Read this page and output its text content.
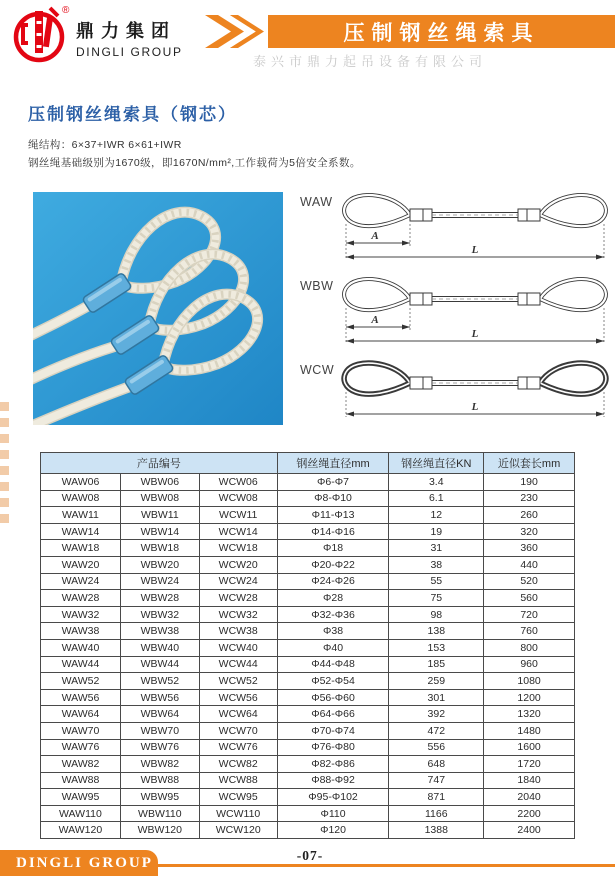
®
鼎力集团
DINGLI GROUP
压制钢丝绳索具
泰兴市鼎力起吊设备有限公司
压制钢丝绳索具（钢芯）
绳结构：6×37+IWR 6×61+IWR
钢丝绳基础级别为1670级，即1670N/mm²,工作载荷为5倍安全系数。
WAW
A
L
WBW
A
L
WCW
L
产品编号			钢丝绳直径mm	钢丝绳直径KN	近似套长mm
WAW06	WBW06	WCW06	Φ6-Φ7	3.4	190
WAW08	WBW08	WCW08	Φ8-Φ10	6.1	230
WAW11	WBW11	WCW11	Φ11-Φ13	12	260
WAW14	WBW14	WCW14	Φ14-Φ16	19	320
WAW18	WBW18	WCW18	Φ18	31	360
WAW20	WBW20	WCW20	Φ20-Φ22	38	440
WAW24	WBW24	WCW24	Φ24-Φ26	55	520
WAW28	WBW28	WCW28	Φ28	75	560
WAW32	WBW32	WCW32	Φ32-Φ36	98	720
WAW38	WBW38	WCW38	Φ38	138	760
WAW40	WBW40	WCW40	Φ40	153	800
WAW44	WBW44	WCW44	Φ44-Φ48	185	960
WAW52	WBW52	WCW52	Φ52-Φ54	259	1080
WAW56	WBW56	WCW56	Φ56-Φ60	301	1200
WAW64	WBW64	WCW64	Φ64-Φ66	392	1320
WAW70	WBW70	WCW70	Φ70-Φ74	472	1480
WAW76	WBW76	WCW76	Φ76-Φ80	556	1600
WAW82	WBW82	WCW82	Φ82-Φ86	648	1720
WAW88	WBW88	WCW88	Φ88-Φ92	747	1840
WAW95	WBW95	WCW95	Φ95-Φ102	871	2040
WAW110	WBW110	WCW110	Φ110	1166	2200
WAW120	WBW120	WCW120	Φ120	1388	2400
DINGLI GROUP	-07-
